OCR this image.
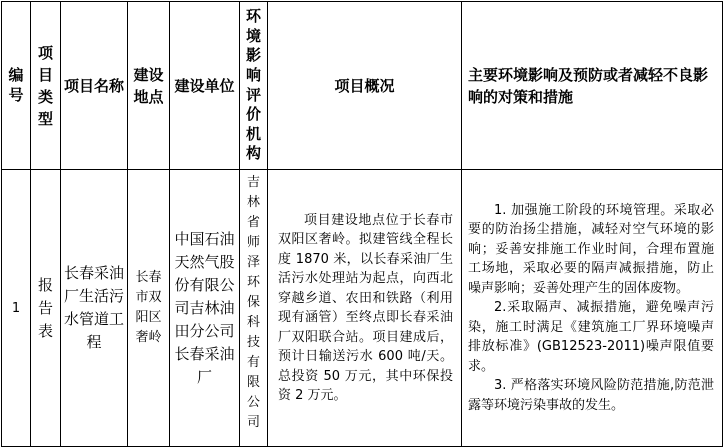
编号	项目类型	项目名称	建设地点	建设单位	环境影响评价机构	项目概况	主要环境影响及预防或者减轻不良影响的对策和措施

1	报告表	长春采油厂生活污水管道工程	长春市双阳区奢岭	中国石油天然气股份有限公司吉林油田分公司长春采油厂	吉林省师泽环保科技有限公司	项目建设地点位于长春市双阳区奢岭。拟建管线全程长度 1870 米，以长春采油厂生活污水处理站为起点，向西北穿越乡道、农田和铁路（利用现有涵管）至终点即长春采油厂双阳联合站。项目建成后，预计日输送污水 600 吨/天。总投资 50 万元，其中环保投资 2 万元。	1. 加强施工阶段的环境管理。采取必要的防治扬尘措施，减轻对空气环境的影响；妥善安排施工作业时间，合理布置施工场地，采取必要的隔声减振措施，防止噪声影响；妥善处理产生的固体废物。

2.采取隔声、减振措施，避免噪声污染，施工时满足《建筑施工厂界环境噪声排放标准》(GB12523-2011)噪声限值要求。

3. 严格落实环境风险防范措施,防范泄露等环境污染事故的发生。
